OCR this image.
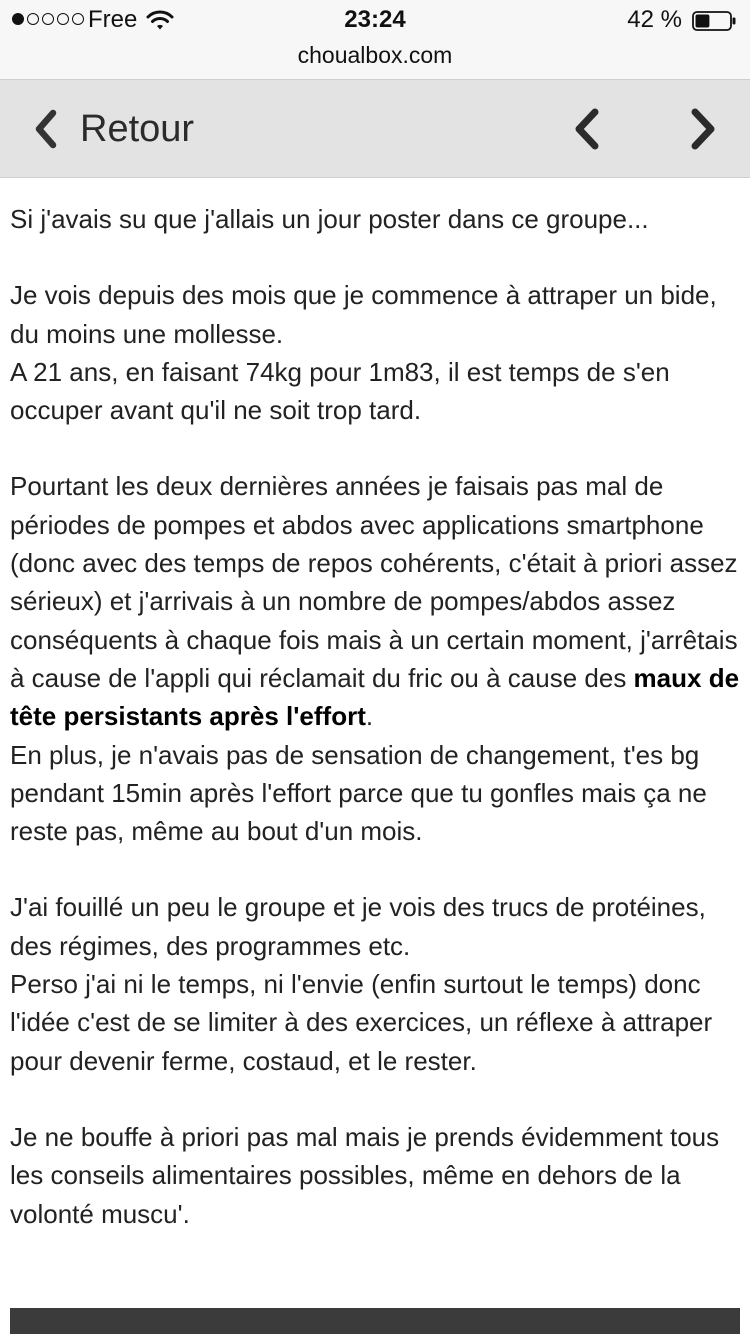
Free	23:24	42 %
choualbox.com
Retour

Si j'avais su que j'allais un jour poster dans ce groupe...

Je vois depuis des mois que je commence à attraper un bide, du moins une mollesse.
A 21 ans, en faisant 74kg pour 1m83, il est temps de s'en occuper avant qu'il ne soit trop tard.

Pourtant les deux dernières années je faisais pas mal de périodes de pompes et abdos avec applications smartphone (donc avec des temps de repos cohérents, c'était à priori assez sérieux) et j'arrivais à un nombre de pompes/abdos assez conséquents à chaque fois mais à un certain moment, j'arrêtais à cause de l'appli qui réclamait du fric ou à cause des maux de tête persistants après l'effort.
En plus, je n'avais pas de sensation de changement, t'es bg pendant 15min après l'effort parce que tu gonfles mais ça ne reste pas, même au bout d'un mois.

J'ai fouillé un peu le groupe et je vois des trucs de protéines, des régimes, des programmes etc.
Perso j'ai ni le temps, ni l'envie (enfin surtout le temps) donc l'idée c'est de se limiter à des exercices, un réflexe à attraper pour devenir ferme, costaud, et le rester.

Je ne bouffe à priori pas mal mais je prends évidemment tous les conseils alimentaires possibles, même en dehors de la volonté muscu'.
